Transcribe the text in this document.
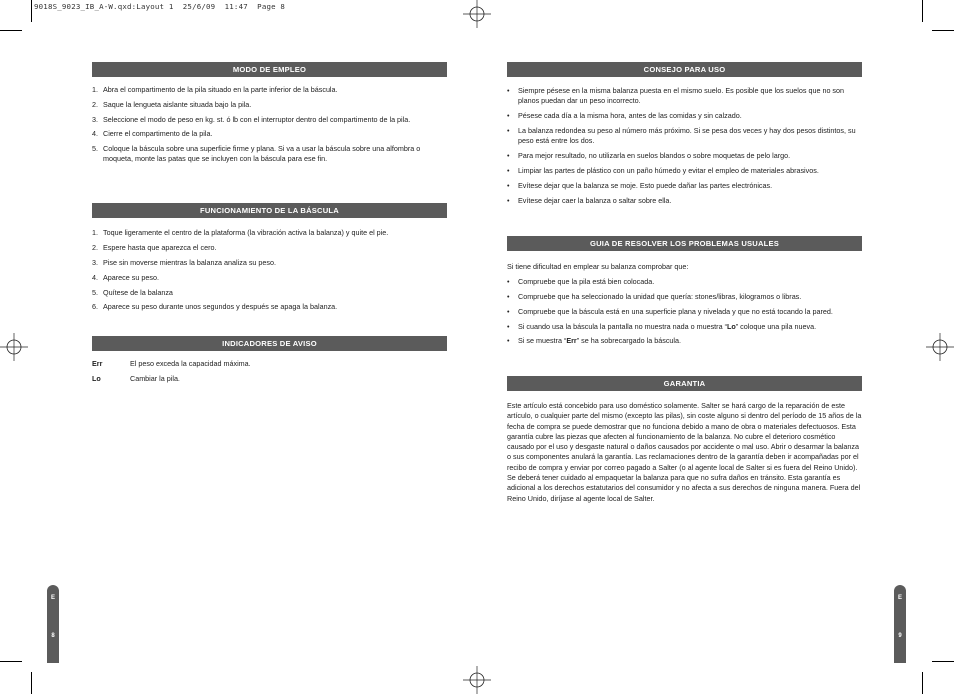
9018S_9023_IB_A-W.qxd:Layout 1  25/6/09  11:47  Page 8
MODO DE EMPLEO
1. Abra el compartimento de la pila situado en la parte inferior de la báscula.
2. Saque la lengueta aislante situada bajo la pila.
3. Seleccione el modo de peso en kg. st. ó lb con el interruptor dentro del compartimento de la pila.
4. Cierre el compartimento de la pila.
5. Coloque la báscula sobre una superficie firme y plana. Si va a usar la báscula sobre una alfombra o moqueta, monte las patas que se incluyen con la báscula para ese fin.
FUNCIONAMIENTO DE LA BÁSCULA
1. Toque ligeramente el centro de la plataforma (la vibración activa la balanza) y quite el pie.
2. Espere hasta que aparezca el cero.
3. Pise sin moverse mientras la balanza analiza su peso.
4. Aparece su peso.
5. Quítese de la balanza
6. Aparece su peso durante unos segundos y después se apaga la balanza.
INDICADORES DE AVISO
Err	El peso exceda la capacidad máxima.
Lo	Cambiar la pila.
CONSEJO PARA USO
• Siempre pésese en la misma balanza puesta en el mismo suelo. Es posible que los suelos que no son planos puedan dar un peso incorrecto.
• Pésese cada día a la misma hora, antes de las comidas y sin calzado.
• La balanza redondea su peso al número más próximo. Si se pesa dos veces y hay dos pesos distintos, su peso está entre los dos.
• Para mejor resultado, no utilizarla en suelos blandos o sobre moquetas de pelo largo.
• Limpiar las partes de plástico con un paño húmedo y evitar el empleo de materiales abrasivos.
• Evítese dejar que la balanza se moje. Esto puede dañar las partes electrónicas.
• Evítese dejar caer la balanza o saltar sobre ella.
GUIA DE RESOLVER LOS PROBLEMAS USUALES

Si tiene dificultad en emplear su balanza comprobar que:

• Compruebe que la pila está bien colocada.
• Compruebe que ha seleccionado la unidad que quería: stones/libras, kilogramos o libras.
• Compruebe que la báscula está en una superficie plana y nivelada y que no está tocando la pared.
• Si cuando usa la báscula la pantalla no muestra nada o muestra “Lo” coloque una pila nueva.
• Si se muestra “Err” se ha sobrecargado la báscula.
GARANTIA

Este artículo está concebido para uso doméstico solamente. Salter se hará cargo de la reparación de este artículo, o cualquier parte del mismo (excepto las pilas), sin coste alguno si dentro del período de 15 años de la fecha de compra se puede demostrar que no funciona debido a mano de obra o materiales defectuosos. Esta garantía cubre las piezas que afecten al funcionamiento de la balanza. No cubre el deterioro cosmético causado por el uso y desgaste natural o daños causados por accidente o mal uso. Abrir o desarmar la balanza o sus componentes anulará la garantía. Las reclamaciones dentro de la garantía deben ir acompañadas por el recibo de compra y enviar por correo pagado a Salter (o al agente local de Salter si es fuera del Reino Unido). Se deberá tener cuidado al empaquetar la balanza para que no sufra daños en tránsito. Esta garantía es adicional a los derechos estatutarios del consumidor y no afecta a sus derechos de ninguna manera. Fuera del Reino Unido, diríjase al agente local de Salter.

E
8
E
9
